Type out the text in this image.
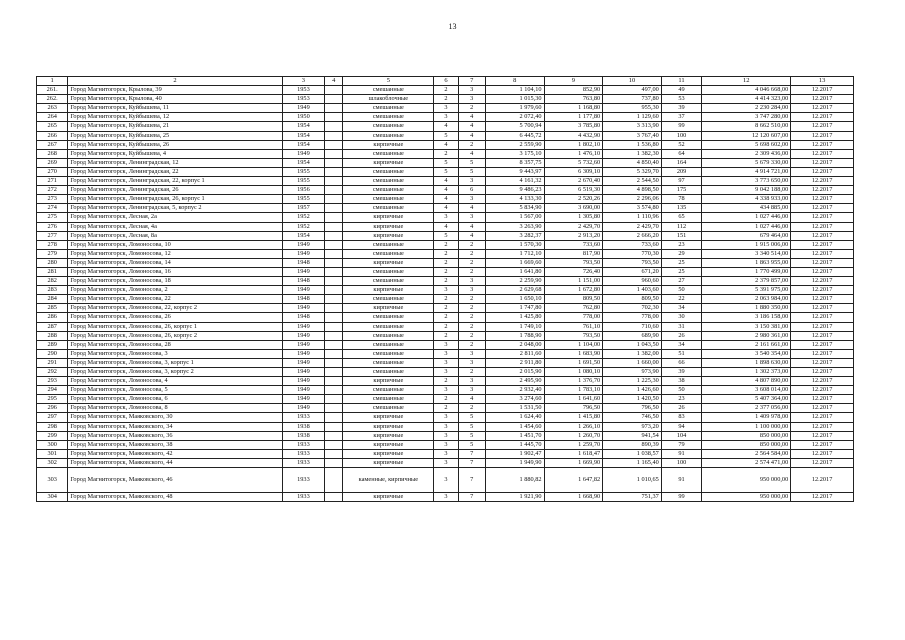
13
1	2	3	4	5	6	7	8	9	10	11	12	13
261.	Город Магнитогорск, Крылова, 39	1953		смешанные	2	3	1 104,10	852,90	497,00	49	4 046 668,00	12.2017
262.	Город Магнитогорск, Крылова, 40	1953		шлакоблочные	2	3	1 015,30	763,80	737,80	53	4 414 323,00	12.2017
263	Город Магнитогорск, Куйбышева, 11	1949		смешанные	3	2	1 979,60	1 168,80	955,30	39	2 230 284,00	12.2017
264	Город Магнитогорск, Куйбышева, 12	1950		смешанные	3	4	2 072,40	1 177,80	1 129,60	37	3 747 280,00	12.2017
265	Город Магнитогорск, Куйбышева, 21	1954		смешанные	4	4	5 700,94	3 785,80	3 313,90	99	8 662 510,00	12.2017
266	Город Магнитогорск, Куйбышева, 25	1954		смешанные	5	4	6 445,72	4 432,90	3 767,40	100	12 120 607,00	12.2017
267	Город Магнитогорск, Куйбышева, 26	1954		кирпичные	4	2	2 559,90	1 802,10	1 536,80	52	5 698 602,00	12.2017
268	Город Магнитогорск, Куйбышева, 4	1949		смешанные	2	4	3 175,10	1 476,10	1 382,30	64	2 309 436,00	12.2017
269	Город Магнитогорск, Ленинградская, 12	1954		кирпичные	5	5	8 357,75	5 732,60	4 850,40	164	5 679 330,00	12.2017
270	Город Магнитогорск, Ленинградская, 22	1955		смешанные	5	5	9 443,97	6 309,10	5 329,70	209	4 914 721,00	12.2017
271	Город Магнитогорск, Ленинградская, 22, корпус 1	1955		смешанные	4	3	4 161,32	2 670,40	2 544,50	97	3 773 650,00	12.2017
272	Город Магнитогорск, Ленинградская, 26	1956		смешанные	4	6	9 486,23	6 519,30	4 898,50	175	9 042 188,00	12.2017
273	Город Магнитогорск, Ленинградская, 26, корпус 1	1955		смешанные	4	3	4 133,30	2 520,26	2 296,06	78	4 338 933,00	12.2017
274	Город Магнитогорск, Ленинградская, 5, корпус 2	1957		смешанные	4	4	5 834,90	3 690,00	3 574,80	135	434 885,00	12.2017
275	Город Магнитогорск, Лесная, 2а	1952		кирпичные	3	3	1 567,00	1 305,80	1 110,96	65	1 027 446,00	12.2017
276	Город Магнитогорск, Лесная, 4а	1952		кирпичные	4	4	3 263,90	2 429,70	2 429,70	112	1 027 446,00	12.2017
277	Город Магнитогорск, Лесная, 8а	1954		кирпичные	5	4	3 282,37	2 913,20	2 666,20	151	679 464,00	12.2017
278	Город Магнитогорск, Ломоносова, 10	1949		смешанные	2	2	1 570,30	733,60	733,60	23	1 915 006,00	12.2017
279	Город Магнитогорск, Ломоносова, 12	1949		смешанные	2	2	1 712,10	817,90	770,30	29	3 340 514,00	12.2017
280	Город Магнитогорск, Ломоносова, 14	1948		кирпичные	2	2	1 669,60	793,50	793,50	25	1 863 955,00	12.2017
281	Город Магнитогорск, Ломоносова, 16	1949		смешанные	2	2	1 641,80	726,40	671,20	25	1 770 499,00	12.2017
282	Город Магнитогорск, Ломоносова, 18	1948		смешанные	2	3	2 259,90	1 151,00	960,60	27	2 379 857,00	12.2017
283	Город Магнитогорск, Ломоносова, 2	1949		кирпичные	3	3	2 629,68	1 672,80	1 403,60	50	5 391 975,00	12.2017
284	Город Магнитогорск, Ломоносова, 22	1948		смешанные	2	2	1 650,10	809,50	809,50	22	2 063 984,00	12.2017
285	Город Магнитогорск, Ломоносова, 22, корпус 2	1949		кирпичные	2	2	1 747,80	762,80	702,30	34	1 880 350,00	12.2017
286	Город Магнитогорск, Ломоносова, 26	1948		смешанные	2	2	1 425,80	778,00	778,00	30	3 186 158,00	12.2017
287	Город Магнитогорск, Ломоносова, 26, корпус 1	1949		смешанные	2	2	1 749,10	761,10	710,60	31	3 150 381,00	12.2017
288	Город Магнитогорск, Ломоносова, 26, корпус 2	1949		смешанные	2	2	1 788,90	793,50	689,90	26	2 980 361,00	12.2017
289	Город Магнитогорск, Ломоносова, 28	1949		смешанные	3	2	2 048,00	1 104,00	1 043,50	34	2 161 661,00	12.2017
290	Город Магнитогорск, Ломоносова, 3	1949		смешанные	3	3	2 811,60	1 683,90	1 382,00	51	3 540 354,00	12.2017
291	Город Магнитогорск, Ломоносова, 3, корпус 1	1949		смешанные	3	3	2 911,80	1 691,50	1 660,00	66	1 898 630,00	12.2017
292	Город Магнитогорск, Ломоносова, 3, корпус 2	1949		смешанные	3	2	2 015,90	1 080,10	973,90	39	1 302 373,00	12.2017
293	Город Магнитогорск, Ломоносова, 4	1949		кирпичные	2	3	2 495,90	1 376,70	1 225,30	38	4 807 890,00	12.2017
294	Город Магнитогорск, Ломоносова, 5	1949		смешанные	3	3	2 932,40	1 783,10	1 426,60	50	3 608 014,00	12.2017
295	Город Магнитогорск, Ломоносова, 6	1949		смешанные	2	4	3 274,60	1 641,60	1 420,50	23	5 407 364,00	12.2017
296	Город Магнитогорск, Ломоносова, 8	1949		смешанные	2	2	1 531,50	796,50	796,50	26	2 377 056,00	12.2017
297	Город Магнитогорск, Маяковского, 30	1933		кирпичные	3	5	1 624,40	1 415,80	746,50	83	1 409 978,00	12.2017
298	Город Магнитогорск, Маяковского, 34	1938		кирпичные	3	5	1 454,60	1 266,10	973,20	94	1 100 000,00	12.2017
299	Город Магнитогорск, Маяковского, 36	1938		кирпичные	3	5	1 451,70	1 260,70	941,54	104	850 000,00	12.2017
300	Город Магнитогорск, Маяковского, 38	1933		кирпичные	3	5	1 445,70	1 259,70	890,39	79	850 000,00	12.2017
301	Город Магнитогорск, Маяковского, 42	1933		кирпичные	3	7	1 902,47	1 618,47	1 038,57	91	2 564 584,00	12.2017
302	Город Магнитогорск, Маяковского, 44	1933		кирпичные	3	7	1 949,90	1 669,90	1 165,40	100	2 574 471,00	12.2017
303	Город Магнитогорск, Маяковского, 46	1933		каменные, кирпичные	3	7	1 880,82	1 647,82	1 010,65	91	950 000,00	12.2017
304	Город Магнитогорск, Маяковского, 48	1933		кирпичные	3	7	1 921,90	1 668,90	751,37	99	950 000,00	12.2017
